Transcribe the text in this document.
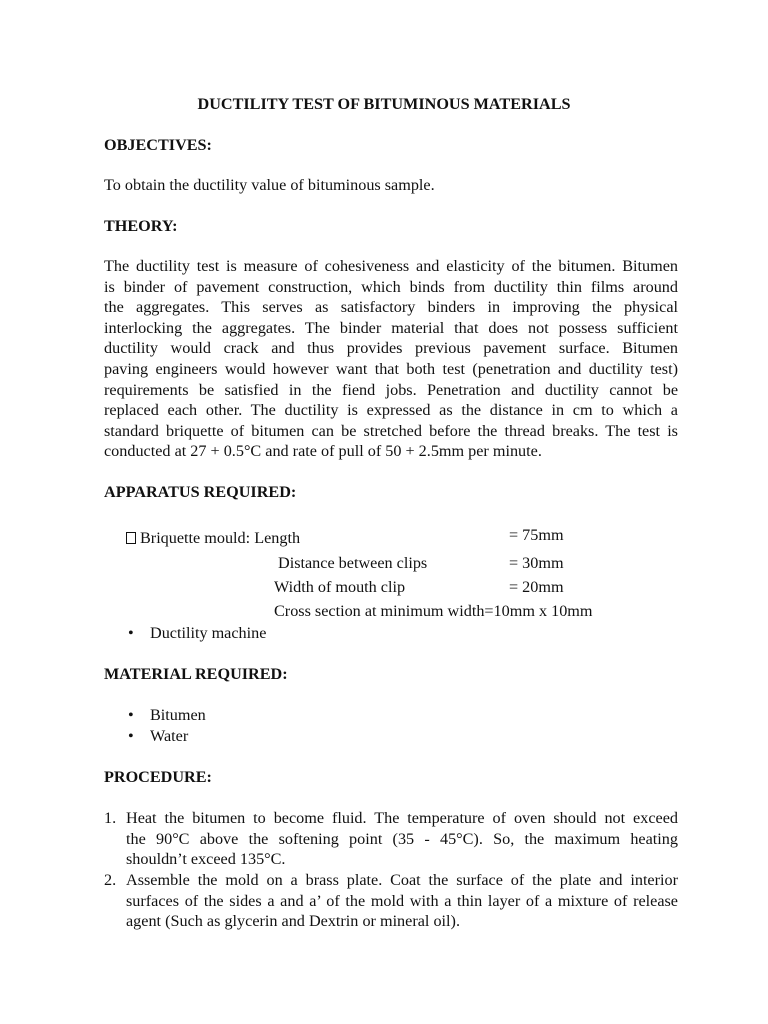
DUCTILITY TEST OF BITUMINOUS MATERIALS
OBJECTIVES:
To obtain the ductility value of bituminous sample.
THEORY:
The ductility test is measure of cohesiveness and elasticity of the bitumen. Bitumen
is binder of pavement construction, which binds from ductility thin films around
the aggregates. This serves as satisfactory binders in improving the physical
interlocking the aggregates. The binder material that does not possess sufficient
ductility would crack and thus provides previous pavement surface. Bitumen
paving engineers would however want that both test (penetration and ductility test)
requirements be satisfied in the fiend jobs. Penetration and ductility cannot be
replaced each other. The ductility is expressed as the distance in cm to which a
standard briquette of bitumen can be stretched before the thread breaks. The test is
conducted at 27 + 0.5°C and rate of pull of 50 + 2.5mm per minute.
APPARATUS REQUIRED:
Briquette mould: Length	= 75mm
Distance between clips	= 30mm
Width of mouth clip	= 20mm
Cross section at minimum width=10mm x 10mm
• Ductility machine
MATERIAL REQUIRED:
• Bitumen
• Water
PROCEDURE:
1. Heat the bitumen to become fluid. The temperature of oven should not exceed
the 90°C above the softening point (35 - 45°C). So, the maximum heating
shouldn’t exceed 135°C.
2. Assemble the mold on a brass plate. Coat the surface of the plate and interior
surfaces of the sides a and a’ of the mold with a thin layer of a mixture of release
agent (Such as glycerin and Dextrin or mineral oil).
